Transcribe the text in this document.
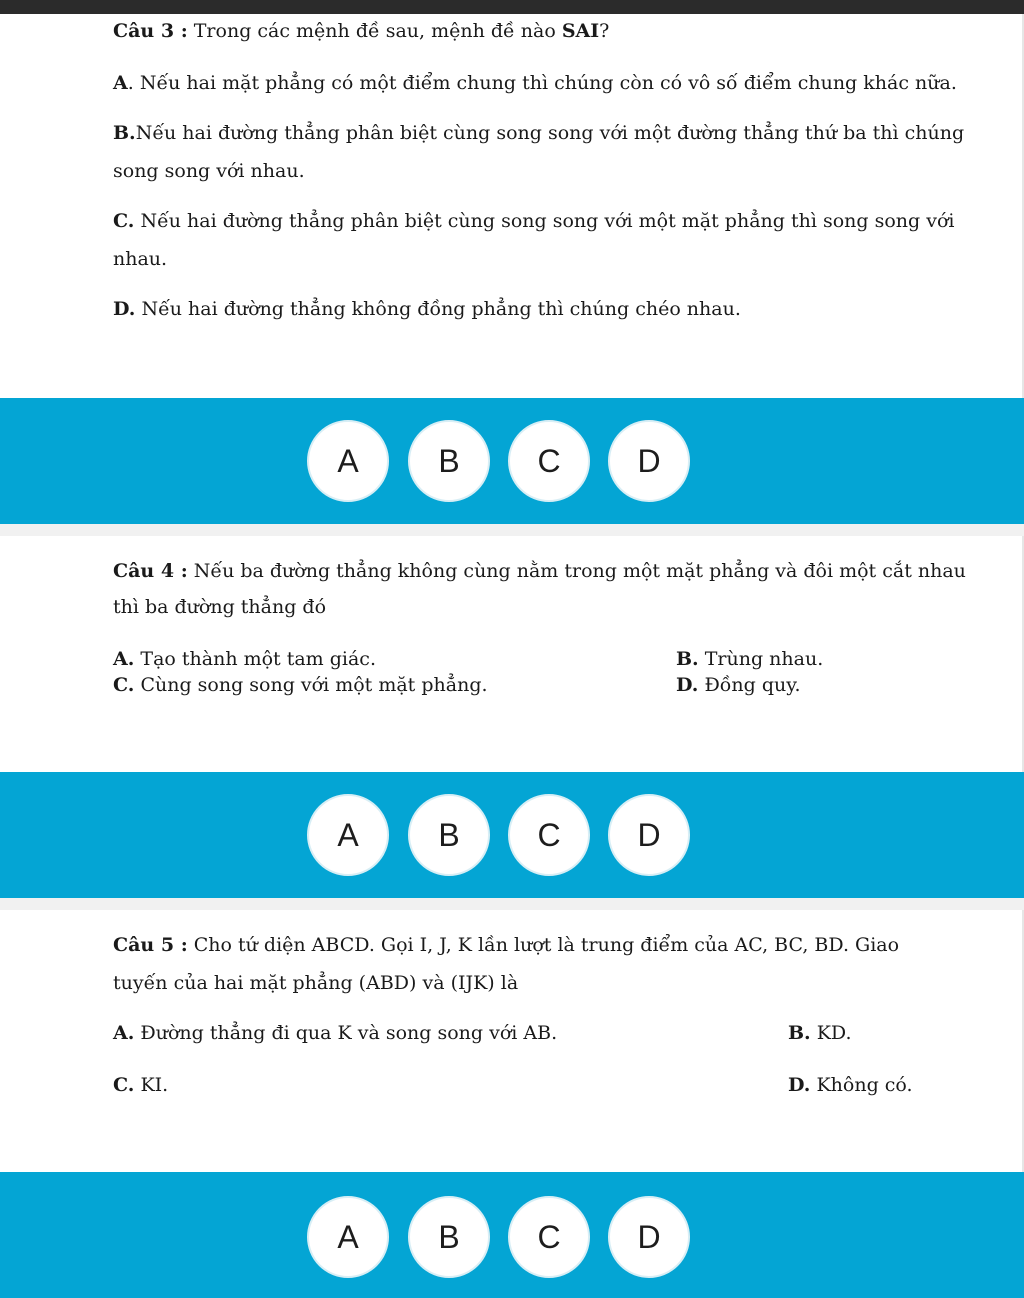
Câu 3 : Trong các mệnh đề sau, mệnh đề nào SAI?
A. Nếu hai mặt phẳng có một điểm chung thì chúng còn có vô số điểm chung khác nữa.
B.Nếu hai đường thẳng phân biệt cùng song song với một đường thẳng thứ ba thì chúng
song song với nhau.
C. Nếu hai đường thẳng phân biệt cùng song song với một mặt phẳng thì song song với
nhau.
D. Nếu hai đường thẳng không đồng phẳng thì chúng chéo nhau.
A	B	C	D
Câu 4 : Nếu ba đường thẳng không cùng nằm trong một mặt phẳng và đôi một cắt nhau
thì ba đường thẳng đó
A. Tạo thành một tam giác.	B. Trùng nhau.
C. Cùng song song với một mặt phẳng.	D. Đồng quy.
A	B	C	D
Câu 5 : Cho tứ diện ABCD. Gọi I, J, K lần lượt là trung điểm của AC, BC, BD. Giao
tuyến của hai mặt phẳng (ABD) và (IJK) là
A. Đường thẳng đi qua K và song song với AB.	B. KD.
C. KI.	D. Không có.
A	B	C	D
